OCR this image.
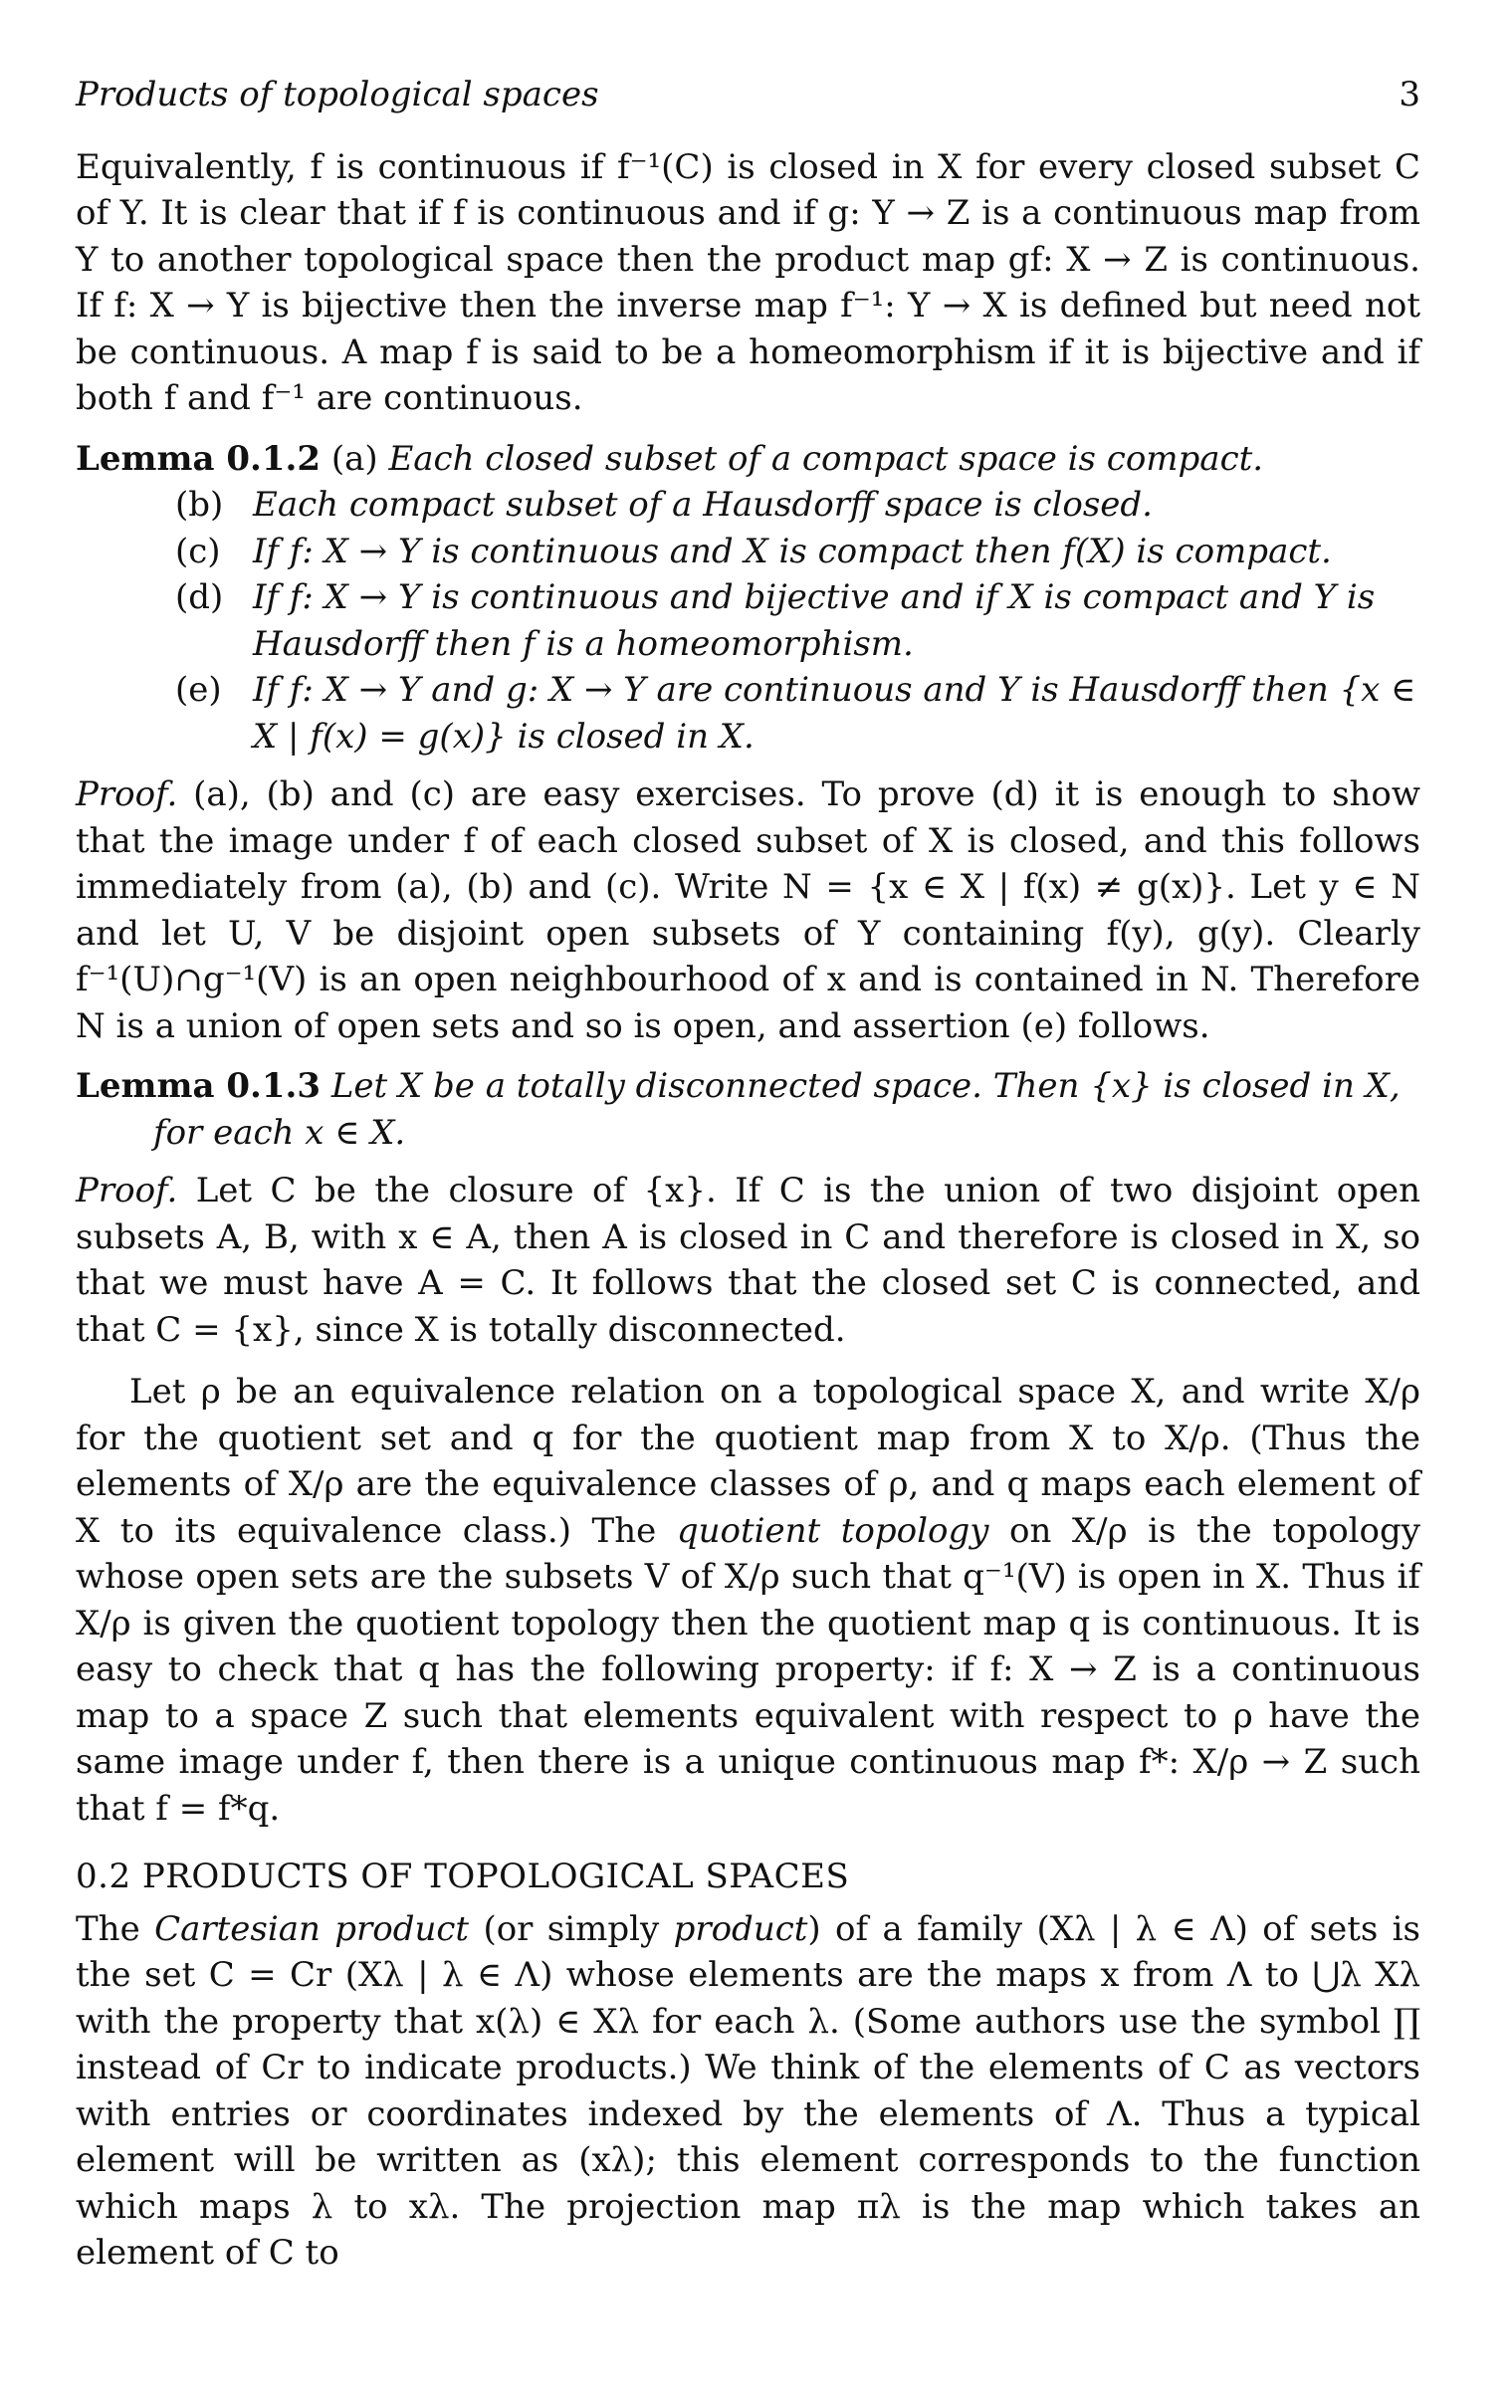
Products of topological spaces	3

Equivalently, f is continuous if f⁻¹(C) is closed in X for every closed subset C of Y. It is clear that if f is continuous and if g: Y → Z is a continuous map from Y to another topological space then the product map gf: X → Z is continuous. If f: X → Y is bijective then the inverse map f⁻¹: Y → X is defined but need not be continuous. A map f is said to be a homeomorphism if it is bijective and if both f and f⁻¹ are continuous.

Lemma 0.1.2 (a) Each closed subset of a compact space is compact.
(b) Each compact subset of a Hausdorff space is closed.
(c) If f: X → Y is continuous and X is compact then f(X) is compact.
(d) If f: X → Y is continuous and bijective and if X is compact and Y is Hausdorff then f is a homeomorphism.
(e) If f: X → Y and g: X → Y are continuous and Y is Hausdorff then {x ∈ X | f(x) = g(x)} is closed in X.

Proof. (a), (b) and (c) are easy exercises. To prove (d) it is enough to show that the image under f of each closed subset of X is closed, and this follows immediately from (a), (b) and (c). Write N = {x ∈ X | f(x) ≠ g(x)}. Let y ∈ N and let U, V be disjoint open subsets of Y containing f(y), g(y). Clearly f⁻¹(U)∩g⁻¹(V) is an open neighbourhood of x and is contained in N. Therefore N is a union of open sets and so is open, and assertion (e) follows.

Lemma 0.1.3 Let X be a totally disconnected space. Then {x} is closed in X,
for each x ∈ X.

Proof. Let C be the closure of {x}. If C is the union of two disjoint open subsets A, B, with x ∈ A, then A is closed in C and therefore is closed in X, so that we must have A = C. It follows that the closed set C is connected, and that C = {x}, since X is totally disconnected.

Let ρ be an equivalence relation on a topological space X, and write X/ρ for the quotient set and q for the quotient map from X to X/ρ. (Thus the elements of X/ρ are the equivalence classes of ρ, and q maps each element of X to its equivalence class.) The quotient topology on X/ρ is the topology whose open sets are the subsets V of X/ρ such that q⁻¹(V) is open in X. Thus if X/ρ is given the quotient topology then the quotient map q is continuous. It is easy to check that q has the following property: if f: X → Z is a continuous map to a space Z such that elements equivalent with respect to ρ have the same image under f, then there is a unique continuous map f*: X/ρ → Z such that f = f*q.

0.2 PRODUCTS OF TOPOLOGICAL SPACES

The Cartesian product (or simply product) of a family (Xλ | λ ∈ Λ) of sets is the set C = Cr (Xλ | λ ∈ Λ) whose elements are the maps x from Λ to ⋃λ Xλ with the property that x(λ) ∈ Xλ for each λ. (Some authors use the symbol ∏ instead of Cr to indicate products.) We think of the elements of C as vectors with entries or coordinates indexed by the elements of Λ. Thus a typical element will be written as (xλ); this element corresponds to the function which maps λ to xλ. The projection map πλ is the map which takes an element of C to
